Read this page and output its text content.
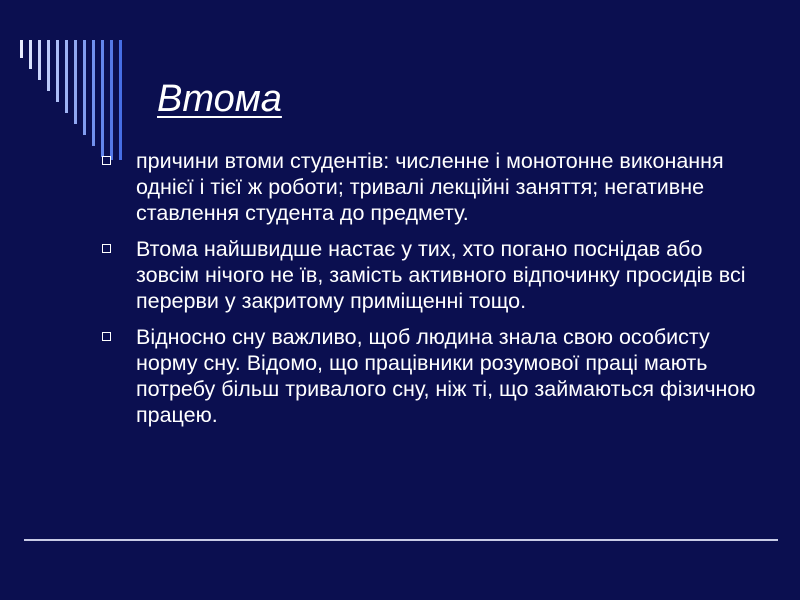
Втома
причини втоми студентів: численне і монотонне виконання однієї і тієї ж роботи; тривалі лекційні заняття; негативне ставлення студента до предмету.
Втома найшвидше настає у тих, хто погано поснідав або зовсім нічого не їв, замість активного відпочинку просидів всі перерви у закритому приміщенні тощо.
Відносно сну важливо, щоб людина знала свою особисту норму сну. Відомо, що працівники розумової праці мають потребу більш тривалого сну, ніж ті, що займаються фізичною працею.
